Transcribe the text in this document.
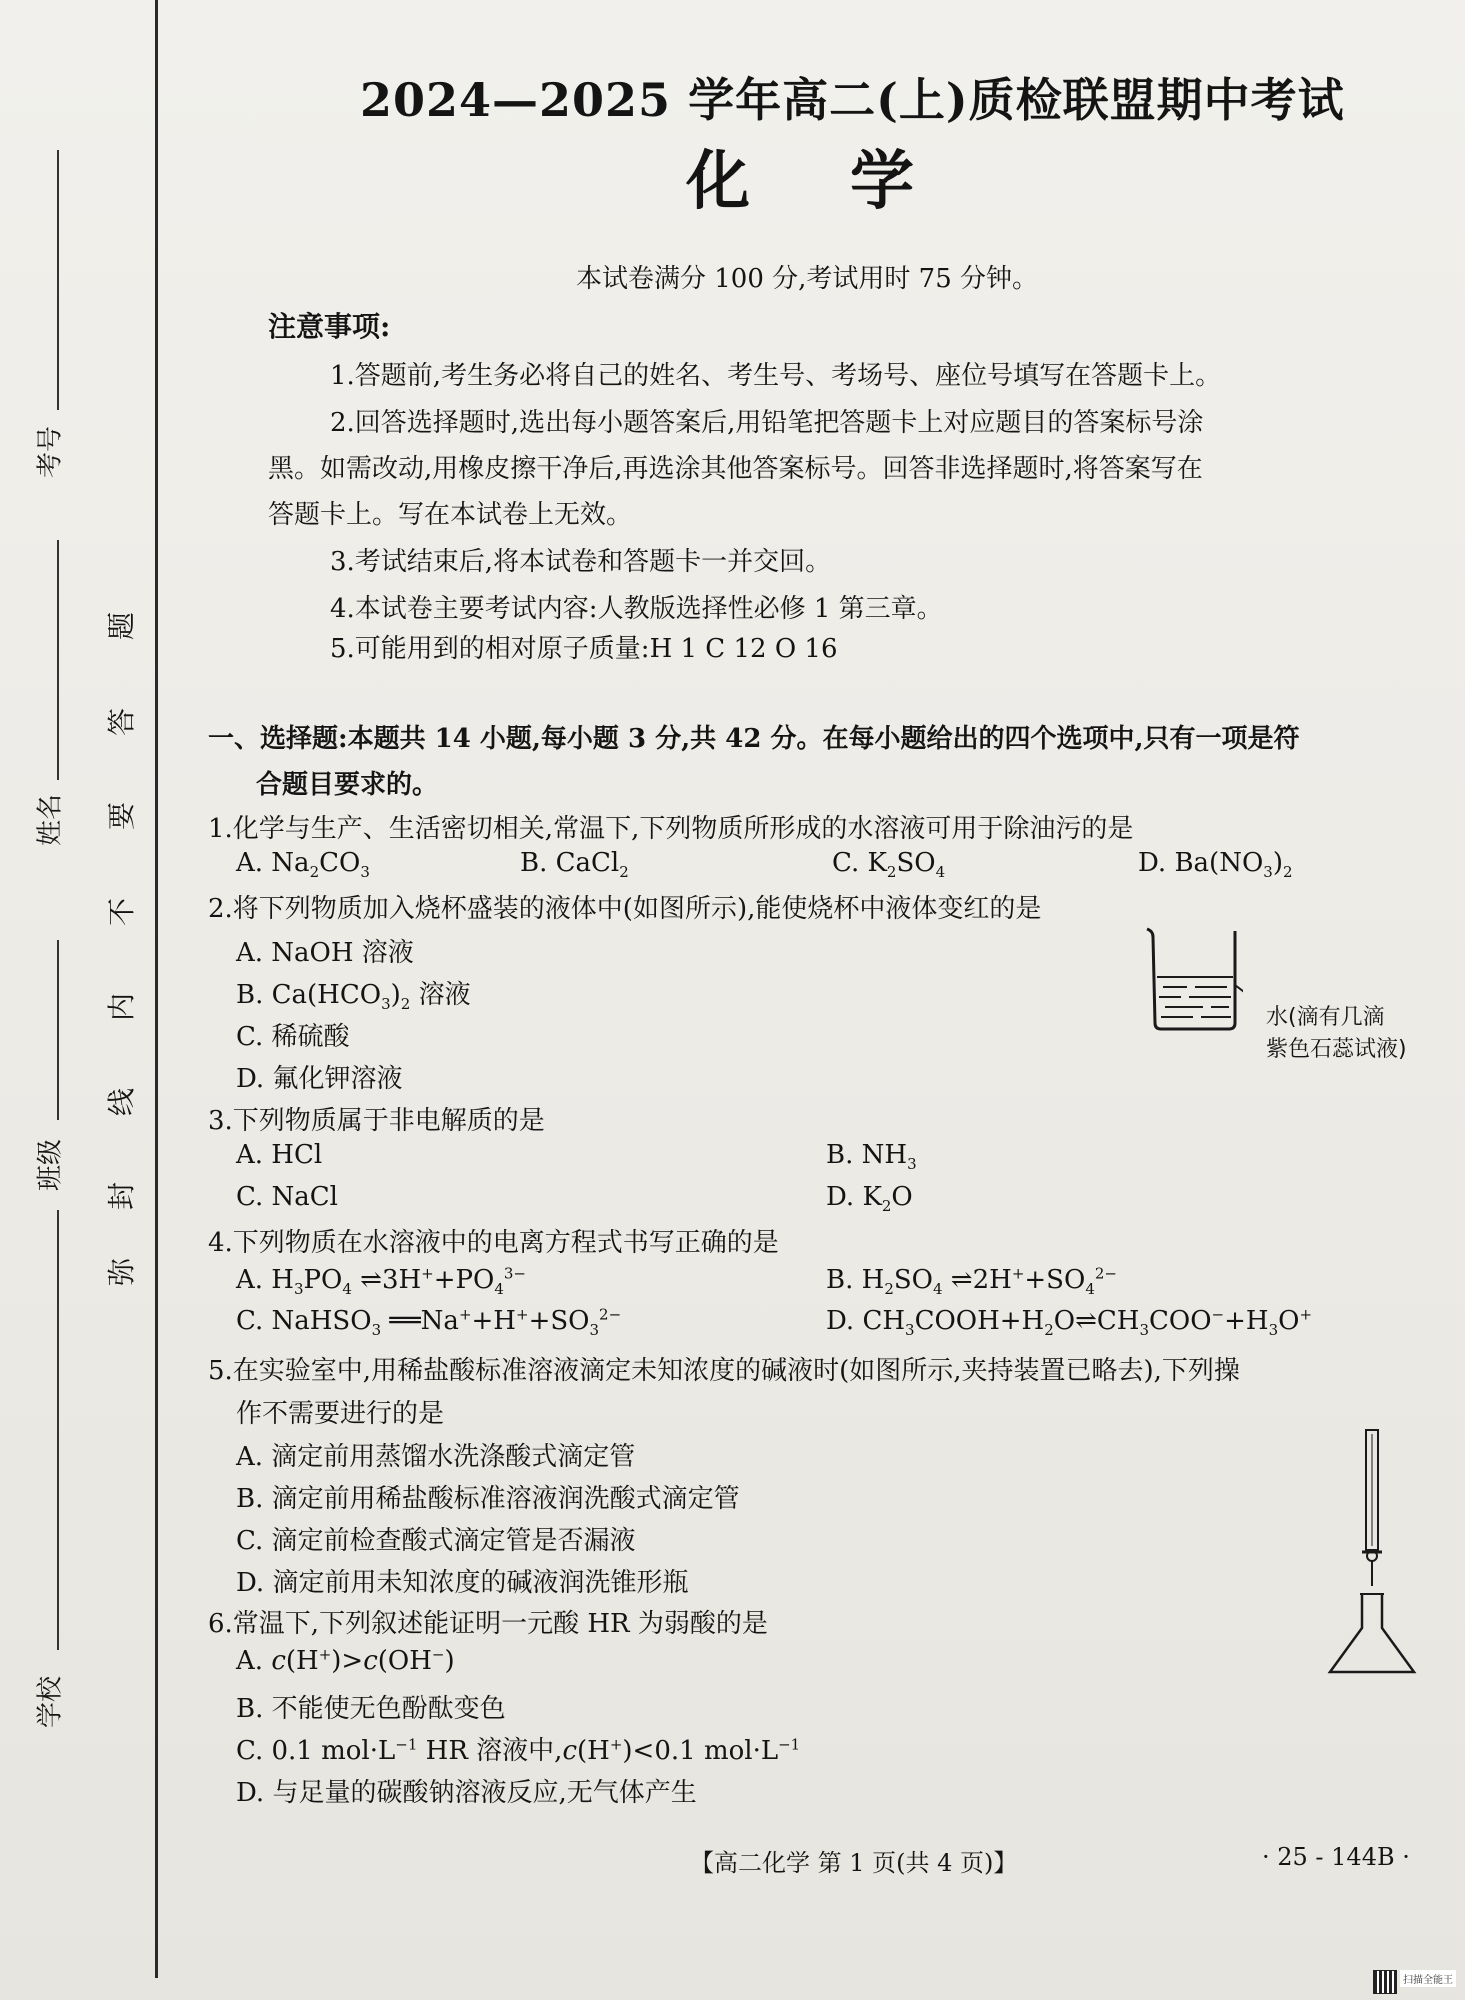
考号
姓名
班级
学校
弥
封
线
内
不
要
答
题
2024—2025 学年高二(上)质检联盟期中考试
化学
本试卷满分 100 分,考试用时 75 分钟。
注意事项:
1.答题前,考生务必将自己的姓名、考生号、考场号、座位号填写在答题卡上。
2.回答选择题时,选出每小题答案后,用铅笔把答题卡上对应题目的答案标号涂
黑。如需改动,用橡皮擦干净后,再选涂其他答案标号。回答非选择题时,将答案写在
答题卡上。写在本试卷上无效。
3.考试结束后,将本试卷和答题卡一并交回。
4.本试卷主要考试内容:人教版选择性必修 1 第三章。
5.可能用到的相对原子质量:H 1 C 12 O 16
一、选择题:本题共 14 小题,每小题 3 分,共 42 分。在每小题给出的四个选项中,只有一项是符
合题目要求的。
1.化学与生产、生活密切相关,常温下,下列物质所形成的水溶液可用于除油污的是
A. $Na_2CO_3$	B. CaCl$_2$	C. $K_2SO_4$	D. $Ba(NO_3)_2$
2.将下列物质加入烧杯盛装的液体中(如图所示),能使烧杯中液体变红的是
A. NaOH 溶液
B. $Ca(HCO_3)_2$ 溶液
C. 稀硫酸
D. 氟化钾溶液
水(滴有几滴
紫色石蕊试液)
3.下列物质属于非电解质的是
A. HCl	B. $NH_3$
C. NaCl	D. $K_2O$
4.下列物质在水溶液中的电离方程式书写正确的是
A. $H_3PO_4$ $\rightleftharpoons 3H^++PO_4^{3-}$	B. $H_2SO_4$ $\rightleftharpoons 2H^++SO_4^{2-}$
C. NaHSO$_3$ $══Na^++H^++SO_3^{2-}$	D. $CH_3COOH+H_2O\rightleftharpoons CH_3COO^-+H_3O^+$
5.在实验室中,用稀盐酸标准溶液滴定未知浓度的碱液时(如图所示,夹持装置已略去),下列操
作不需要进行的是
A. 滴定前用蒸馏水洗涤酸式滴定管
B. 滴定前用稀盐酸标准溶液润洗酸式滴定管
C. 滴定前检查酸式滴定管是否漏液
D. 滴定前用未知浓度的碱液润洗锥形瓶
6.常温下,下列叙述能证明一元酸 HR 为弱酸的是
A. c(H+)>c(OH−)
B. 不能使无色酚酞变色
C. 0.1 $mol\cdot L^{-1}$ HR 溶液中,c(H+)<0.1 $mol\cdot L^{-1}$
D. 与足量的碳酸钠溶液反应,无气体产生
【高二化学 第 1 页(共 4 页)】	· 25 - 144B ·
扫描全能王
